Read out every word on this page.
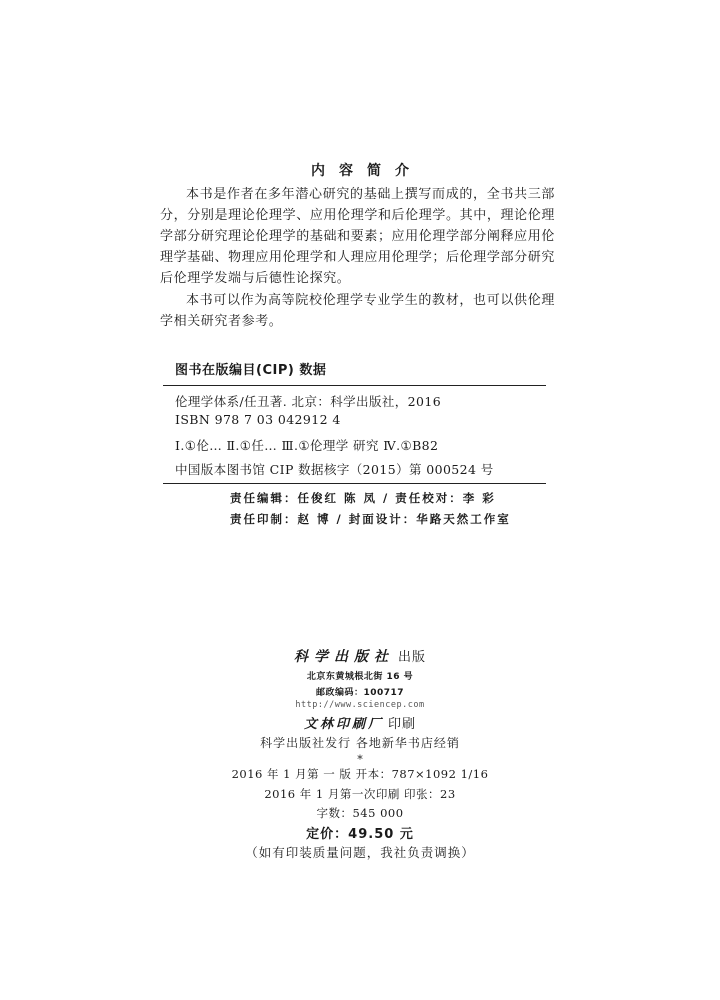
内容简介
本书是作者在多年潜心研究的基础上撰写而成的，全书共三部分，分别是理论伦理学、应用伦理学和后伦理学。其中，理论伦理学部分研究理论伦理学的基础和要素；应用伦理学部分阐释应用伦理学基础、物理应用伦理学和人理应用伦理学；后伦理学部分研究后伦理学发端与后德性论探究。
本书可以作为高等院校伦理学专业学生的教材，也可以供伦理学相关研究者参考。
图书在版编目(CIP) 数据
伦理学体系/任丑著. 北京：科学出版社，2016
ISBN 978 7 03 042912 4
Ⅰ.①伦… Ⅱ.①任… Ⅲ.①伦理学 研究 Ⅳ.①B82
中国版本图书馆 CIP 数据核字（2015）第 000524 号
责任编辑：任俊红 陈 凤 / 责任校对：李 彩
责任印制：赵 博 / 封面设计：华路天然工作室
科学出版社 出版
北京东黄城根北街 16 号
邮政编码：100717
http://www.sciencep.com
文林印刷厂 印刷
科学出版社发行 各地新华书店经销
*
2016 年 1 月第 一 版 开本：787×1092 1/16
2016 年 1 月第一次印刷 印张：23
字数：545 000
定价：49.50 元
（如有印装质量问题，我社负责调换）
